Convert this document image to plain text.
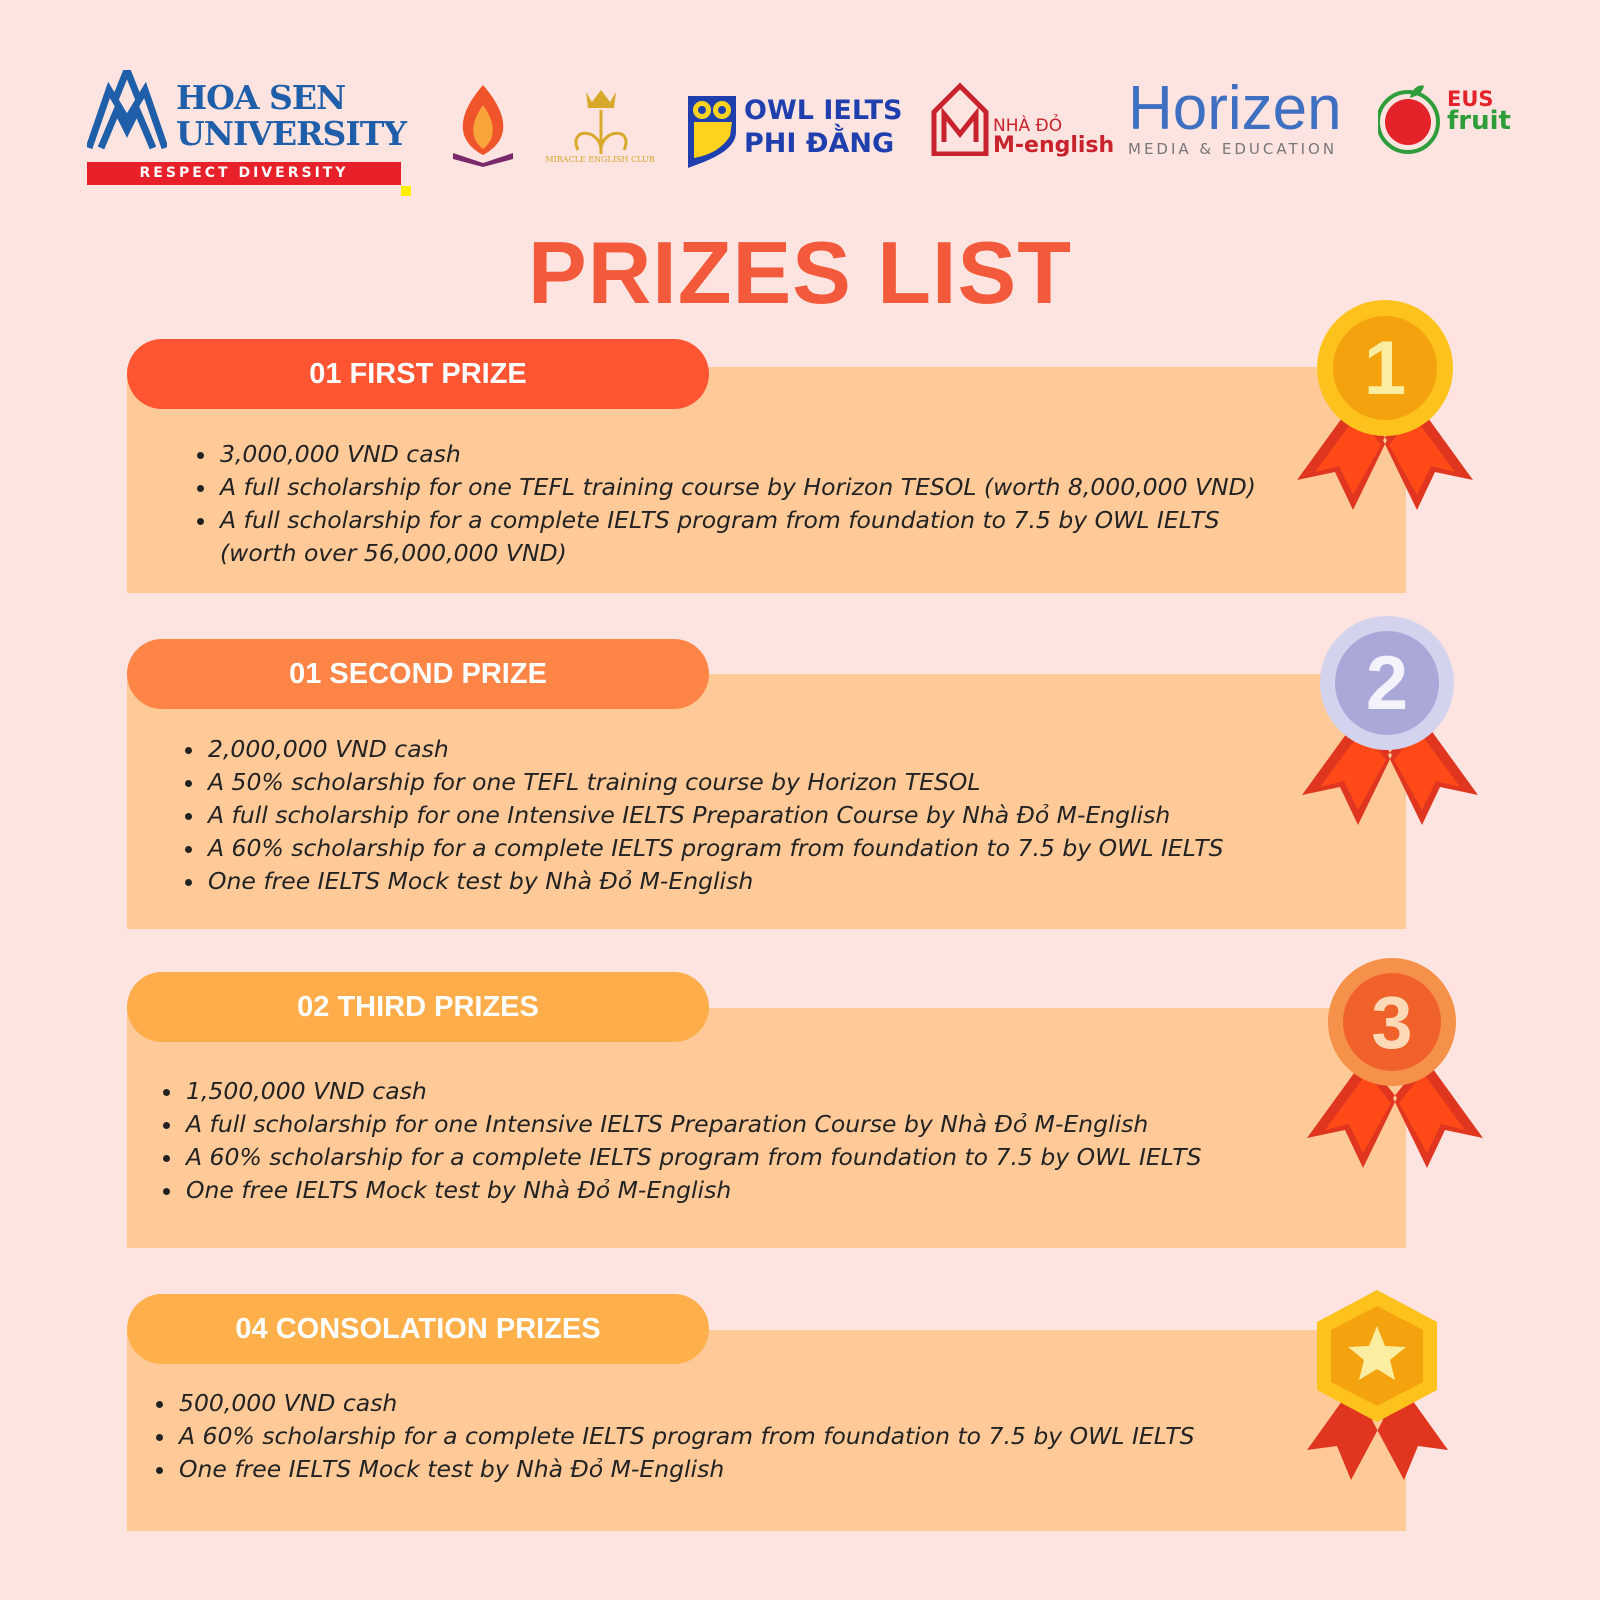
HOA SEN
UNIVERSITY
RESPECT DIVERSITY
MIRACLE ENGLISH CLUB
OWL IELTS
PHI ĐẰNG
NHÀ ĐỎ
M-english
Horizen
MEDIA & EDUCATION
EUS
fruit
PRIZES LIST
01 FIRST PRIZE
3,000,000 VND cash
A full scholarship for one TEFL training course by Horizon TESOL (worth 8,000,000 VND)
A full scholarship for a complete IELTS program from foundation to 7.5 by OWL IELTS (worth over 56,000,000 VND)
01 SECOND PRIZE
2,000,000 VND cash
A 50% scholarship for one TEFL training course by Horizon TESOL
A full scholarship for one Intensive IELTS Preparation Course by Nhà Đỏ M-English
A 60% scholarship for a complete IELTS program from foundation to 7.5 by OWL IELTS
One free IELTS Mock test by Nhà Đỏ M-English
02 THIRD PRIZES
1,500,000 VND cash
A full scholarship for one Intensive IELTS Preparation Course by Nhà Đỏ M-English
A 60% scholarship for a complete IELTS program from foundation to 7.5 by OWL IELTS
One free IELTS Mock test by Nhà Đỏ M-English
04 CONSOLATION PRIZES
500,000 VND cash
A 60% scholarship for a complete IELTS program from foundation to 7.5 by OWL IELTS
One free IELTS Mock test by Nhà Đỏ M-English
1
2
3
